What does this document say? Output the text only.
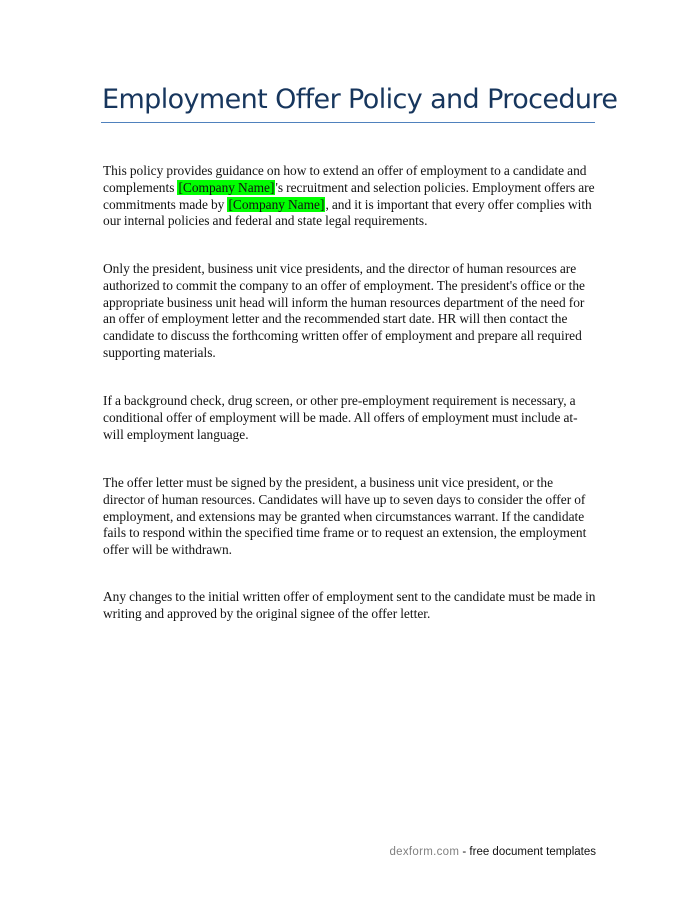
Employment Offer Policy and Procedure

This policy provides guidance on how to extend an offer of employment to a candidate and complements [Company Name]'s recruitment and selection policies. Employment offers are commitments made by [Company Name], and it is important that every offer complies with our internal policies and federal and state legal requirements.

Only the president, business unit vice presidents, and the director of human resources are authorized to commit the company to an offer of employment. The president's office or the appropriate business unit head will inform the human resources department of the need for an offer of employment letter and the recommended start date. HR will then contact the candidate to discuss the forthcoming written offer of employment and prepare all required supporting materials.

If a background check, drug screen, or other pre-employment requirement is necessary, a conditional offer of employment will be made. All offers of employment must include at-will employment language.

The offer letter must be signed by the president, a business unit vice president, or the director of human resources. Candidates will have up to seven days to consider the offer of employment, and extensions may be granted when circumstances warrant. If the candidate fails to respond within the specified time frame or to request an extension, the employment offer will be withdrawn.

Any changes to the initial written offer of employment sent to the candidate must be made in writing and approved by the original signee of the offer letter.

dexform.com - free document templates
